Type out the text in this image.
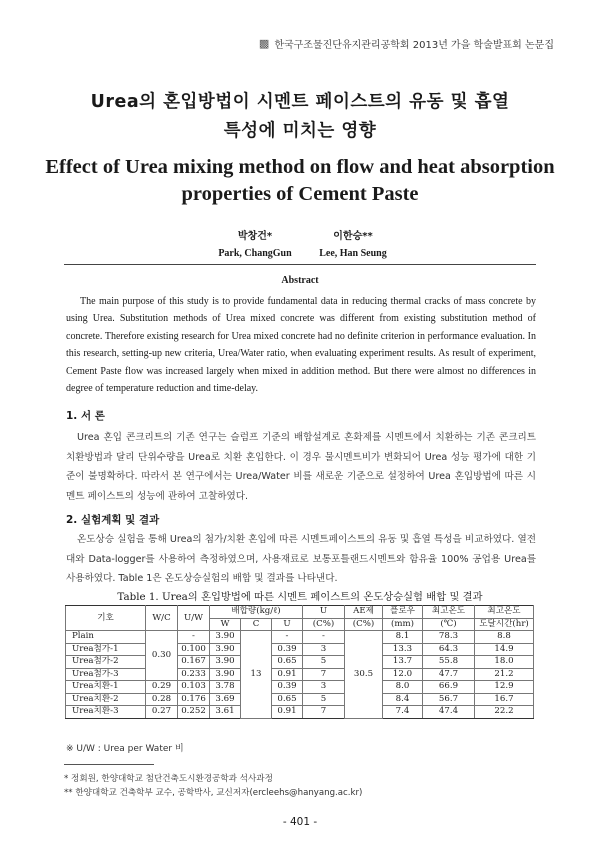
▩ 한국구조물진단유지관리공학회 2013년 가을 학술발표회 논문집
Urea의 혼입방법이 시멘트 페이스트의 유동 및 흡열
특성에 미치는 영향
Effect of Urea mixing method on flow and heat absorption
properties of Cement Paste
박창건*
Park, ChangGun
이한승**
Lee, Han Seung
Abstract

The main purpose of this study is to provide fundamental data in reducing thermal cracks of mass concrete by using Urea. Substitution methods of Urea mixed concrete was different from existing substitution method of concrete. Therefore existing research for Urea mixed concrete had no definite criterion in performance evaluation. In this research, setting-up new criteria, Urea/Water ratio, when evaluating experiment results. As result of experiment, Cement Paste flow was increased largely when mixed in addition method. But there were almost no differences in degree of temperature reduction and time-delay.

1. 서 론

Urea 혼입 콘크리트의 기존 연구는 슬럼프 기준의 배합설계로 혼화제를 시멘트에서 치환하는 기존 콘크리트 치환방법과 달리 단위수량을 Urea로 치환 혼입한다. 이 경우 물시멘트비가 변화되어 Urea 성능 평가에 대한 기준이 불명확하다. 따라서 본 연구에서는 Urea/Water 비를 새로운 기준으로 설정하여 Urea 혼입방법에 따른 시멘트 페이스트의 성능에 관하여 고찰하였다.

2. 실험계획 및 결과

온도상승 실험을 통해 Urea의 첨가/치환 혼입에 따른 시멘트페이스트의 유동 및 흡열 특성을 비교하였다. 열전대와 Data-logger를 사용하여 측정하였으며, 사용재료로 보통포틀랜드시멘트와 함유율 100% 공업용 Urea를 사용하였다. Table 1은 온도상승실험의 배합 및 결과를 나타낸다.

Table 1. Urea의 혼입방법에 따른 시멘트 페이스트의 온도상승실험 배합 및 결과
기호	W/C	U/W	배합량(kg/ℓ)			U	AE제	플로우	최고온도	최고온도
			W	C	U	(C%)	(C%)	(mm)	(℃)	도달시간(hr)
Plain	0.30	-	3.90	13	-	-	30.5	8.1	78.3	8.8
Urea첨가-1		0.100	3.90		0.39	3		13.3	64.3	14.9
Urea첨가-2		0.167	3.90		0.65	5		13.7	55.8	18.0
Urea첨가-3		0.233	3.90		0.91	7		12.0	47.7	21.2
Urea치환-1	0.29	0.103	3.78		0.39	3		8.0	66.9	12.9
Urea치환-2	0.28	0.176	3.69		0.65	5		8.4	56.7	16.7
Urea치환-3	0.27	0.252	3.61		0.91	7		7.4	47.4	22.2
※ U/W : Urea per Water 비
* 정회원, 한양대학교 첨단건축도시환경공학과 석사과정
** 한양대학교 건축학부 교수, 공학박사, 교신저자(ercleehs@hanyang.ac.kr)
- 401 -
